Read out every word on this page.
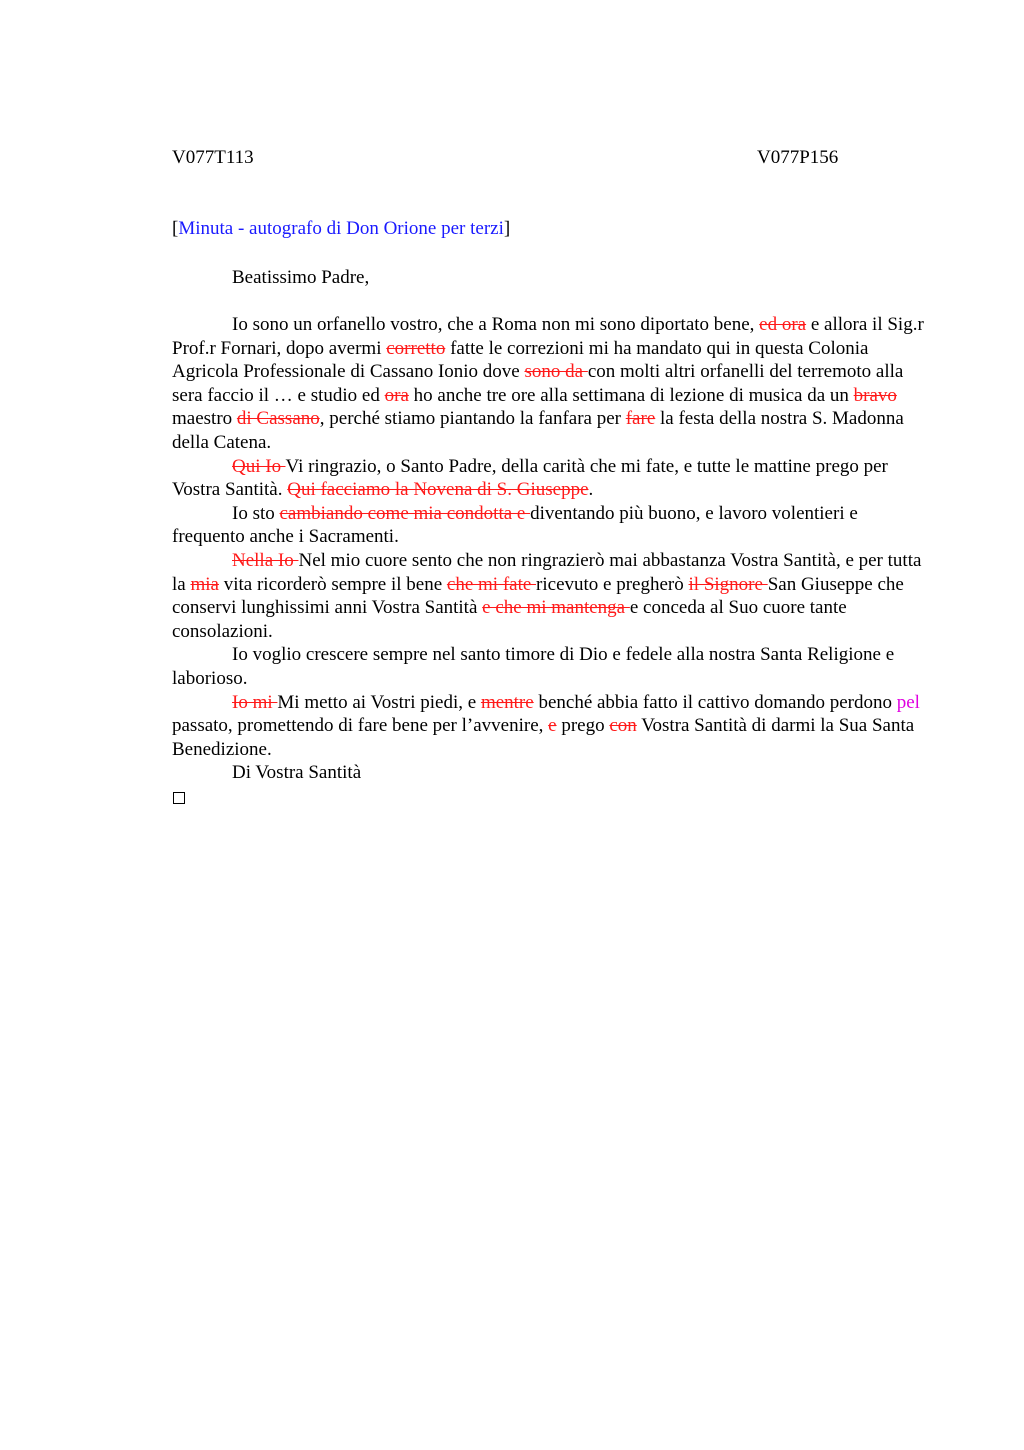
V077T113	V077P156
[Minuta - autografo di Don Orione per terzi]
Beatissimo Padre,

Io sono un orfanello vostro, che a Roma non mi sono diportato bene, ed ora e allora il Sig.r Prof.r Fornari, dopo avermi corretto fatte le correzioni mi ha mandato qui in questa Colonia Agricola Professionale di Cassano Ionio dove sono da con molti altri orfanelli del terremoto alla sera faccio il … e studio ed ora ho anche tre ore alla settimana di lezione di musica da un bravo maestro di Cassano, perché stiamo piantando la fanfara per fare la festa della nostra S. Madonna della Catena.

Qui Io Vi ringrazio, o Santo Padre, della carità che mi fate, e tutte le mattine prego per Vostra Santità. Qui facciamo la Novena di S. Giuseppe.

Io sto cambiando come mia condotta e diventando più buono, e lavoro volentieri e frequento anche i Sacramenti.

Nella Io Nel mio cuore sento che non ringrazierò mai abbastanza Vostra Santità, e per tutta la mia vita ricorderò sempre il bene che mi fate ricevuto e pregherò il Signore San Giuseppe che conservi lunghissimi anni Vostra Santità e che mi mantenga e conceda al Suo cuore tante consolazioni.

Io voglio crescere sempre nel santo timore di Dio e fedele alla nostra Santa Religione e laborioso.

Io mi Mi metto ai Vostri piedi, e mentre benché abbia fatto il cattivo domando perdono pel passato, promettendo di fare bene per l’avvenire, e prego con Vostra Santità di darmi la Sua Santa Benedizione.

Di Vostra Santità
